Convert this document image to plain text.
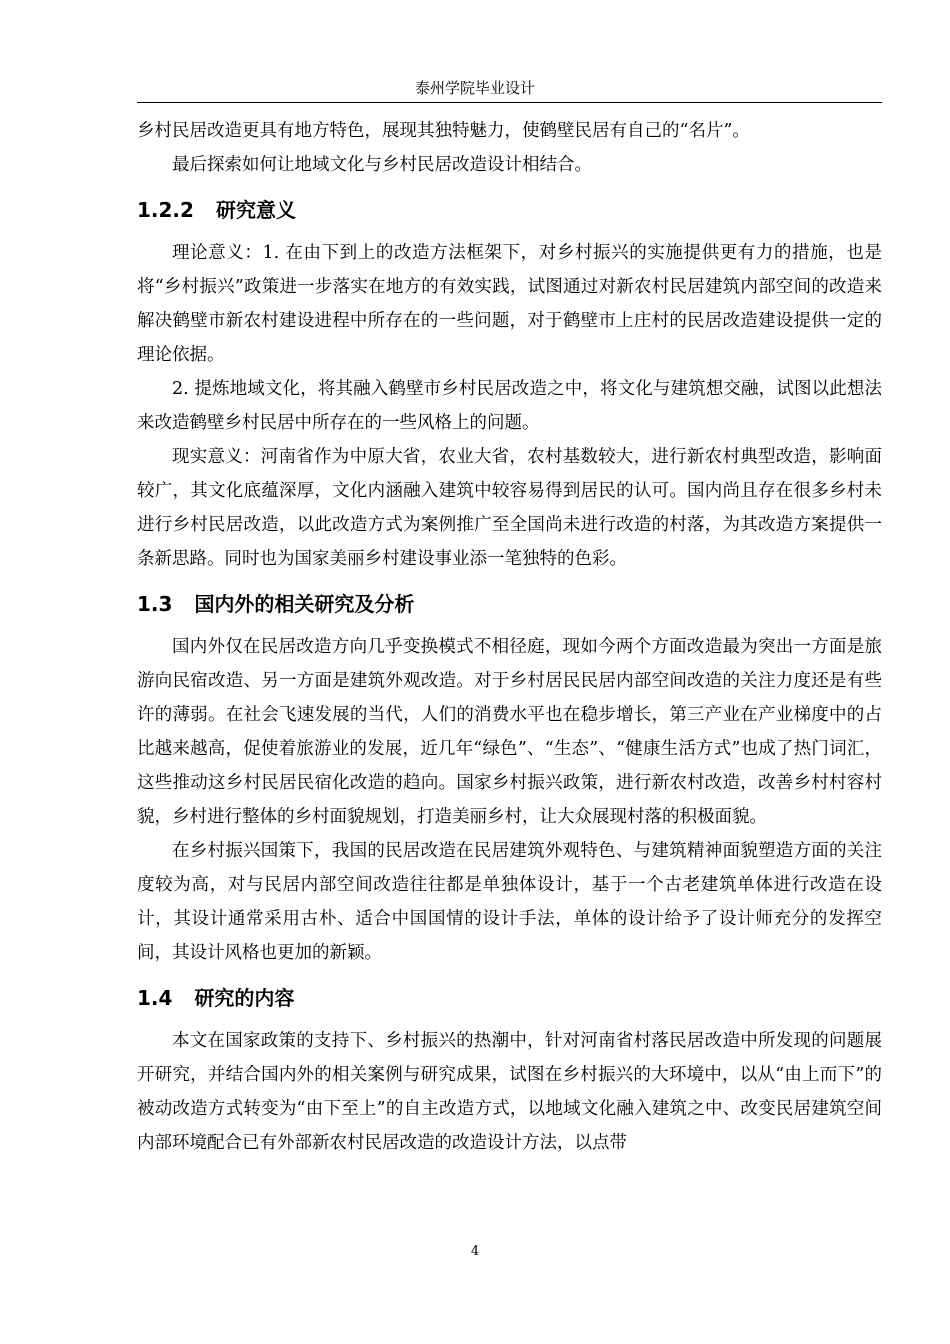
泰州学院毕业设计

乡村民居改造更具有地方特色，展现其独特魅力，使鹤壁民居有自己的“名片”。

最后探索如何让地域文化与乡村民居改造设计相结合。

1.2.2 研究意义

理论意义：1. 在由下到上的改造方法框架下，对乡村振兴的实施提供更有力的措施，也是将“乡村振兴”政策进一步落实在地方的有效实践，试图通过对新农村民居建筑内部空间的改造来解决鹤壁市新农村建设进程中所存在的一些问题，对于鹤壁市上庄村的民居改造建设提供一定的理论依据。

2. 提炼地域文化，将其融入鹤壁市乡村民居改造之中，将文化与建筑想交融，试图以此想法来改造鹤壁乡村民居中所存在的一些风格上的问题。

现实意义：河南省作为中原大省，农业大省，农村基数较大，进行新农村典型改造，影响面较广，其文化底蕴深厚，文化内涵融入建筑中较容易得到居民的认可。国内尚且存在很多乡村未进行乡村民居改造，以此改造方式为案例推广至全国尚未进行改造的村落，为其改造方案提供一条新思路。同时也为国家美丽乡村建设事业添一笔独特的色彩。

1.3 国内外的相关研究及分析

国内外仅在民居改造方向几乎变换模式不相径庭，现如今两个方面改造最为突出一方面是旅游向民宿改造、另一方面是建筑外观改造。对于乡村居民民居内部空间改造的关注力度还是有些许的薄弱。在社会飞速发展的当代，人们的消费水平也在稳步增长，第三产业在产业梯度中的占比越来越高，促使着旅游业的发展，近几年“绿色”、“生态”、“健康生活方式”也成了热门词汇，这些推动这乡村民居民宿化改造的趋向。国家乡村振兴政策，进行新农村改造，改善乡村村容村貌，乡村进行整体的乡村面貌规划，打造美丽乡村，让大众展现村落的积极面貌。

在乡村振兴国策下，我国的民居改造在民居建筑外观特色、与建筑精神面貌塑造方面的关注度较为高，对与民居内部空间改造往往都是单独体设计，基于一个古老建筑单体进行改造在设计，其设计通常采用古朴、适合中国国情的设计手法，单体的设计给予了设计师充分的发挥空间，其设计风格也更加的新颖。

1.4 研究的内容

本文在国家政策的支持下、乡村振兴的热潮中，针对河南省村落民居改造中所发现的问题展开研究，并结合国内外的相关案例与研究成果，试图在乡村振兴的大环境中，以从“由上而下”的被动改造方式转变为“由下至上”的自主改造方式，以地域文化融入建筑之中、改变民居建筑空间内部环境配合已有外部新农村民居改造的改造设计方法，以点带

4
